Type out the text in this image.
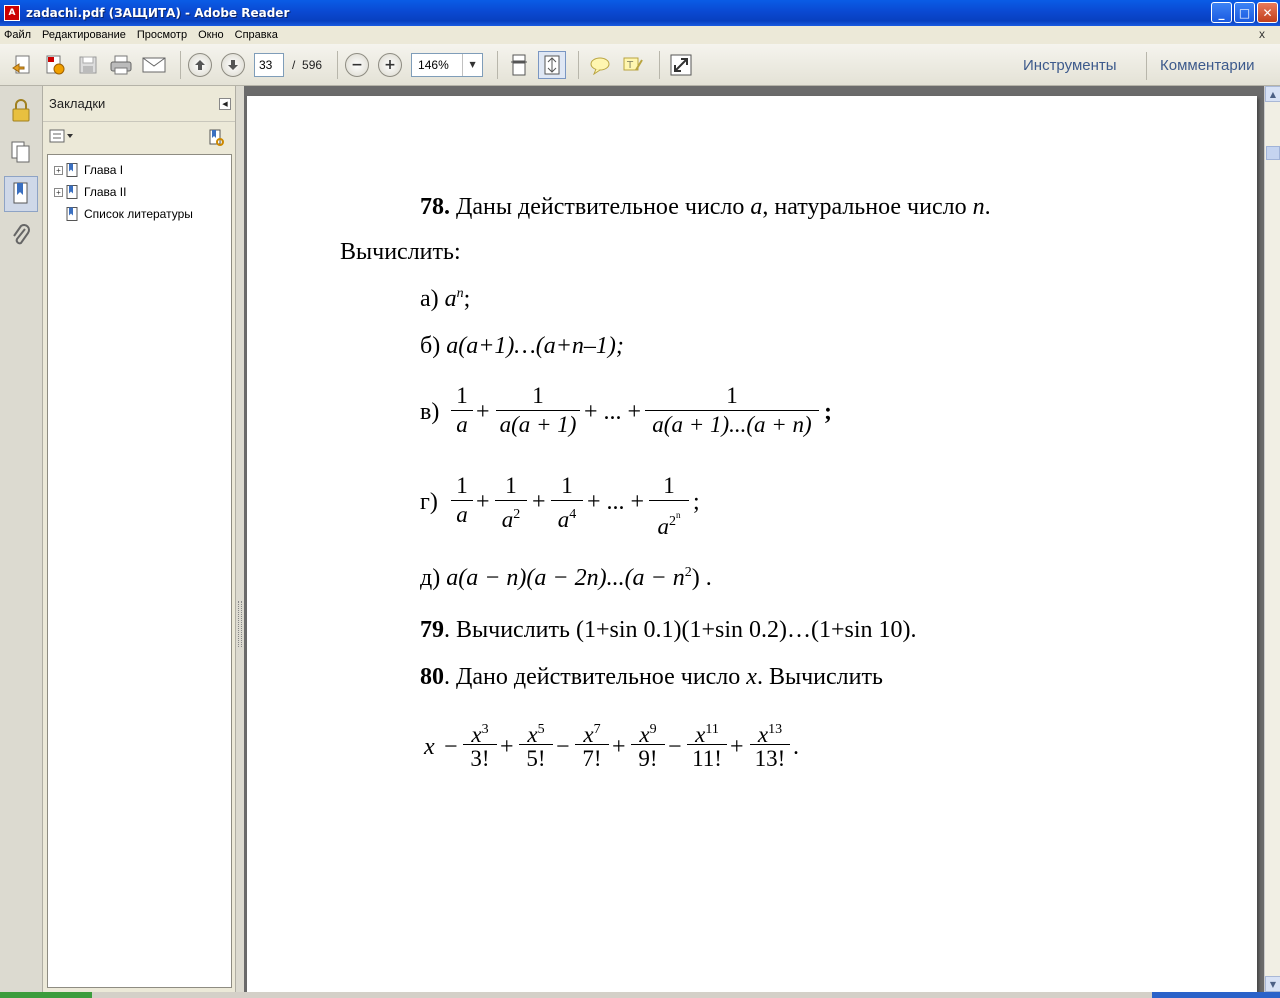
A zadachi.pdf (ЗАЩИТА) - Adobe Reader	_	□	✕
Файл Редактирование Просмотр Окно Справка	x
33	/ 596	−	+	146%	▼	T	Инструменты	Комментарии
Закладки	◀
+ Глава I
+ Глава II
Список литературы	78. Даны действительное число a, натуральное число n.
Вычислить:
а) $a^n$;
б) a(a+1)…(a+n–1);
в)
1
a +
1
a(a + 1) + ... +
1
a(a + 1)...(a + n) ;
г)
1
a +
1
$a^2$ +
1
$a^4$ + ... +
1
$a^{2n}$ ;
д) $a(a - n)(a - 2n)...(a - n^2)$ .
79. Вычислить (1+sin 0.1)(1+sin 0.2)…(1+sin 10).
80. Дано действительное число x. Вычислить
$x - x^3$
3! + $x^5$
5! − $x^7$
7! + $x^9$
9! − $x^{11}$
11! + $x^{13}$
13! .
▲
▼
